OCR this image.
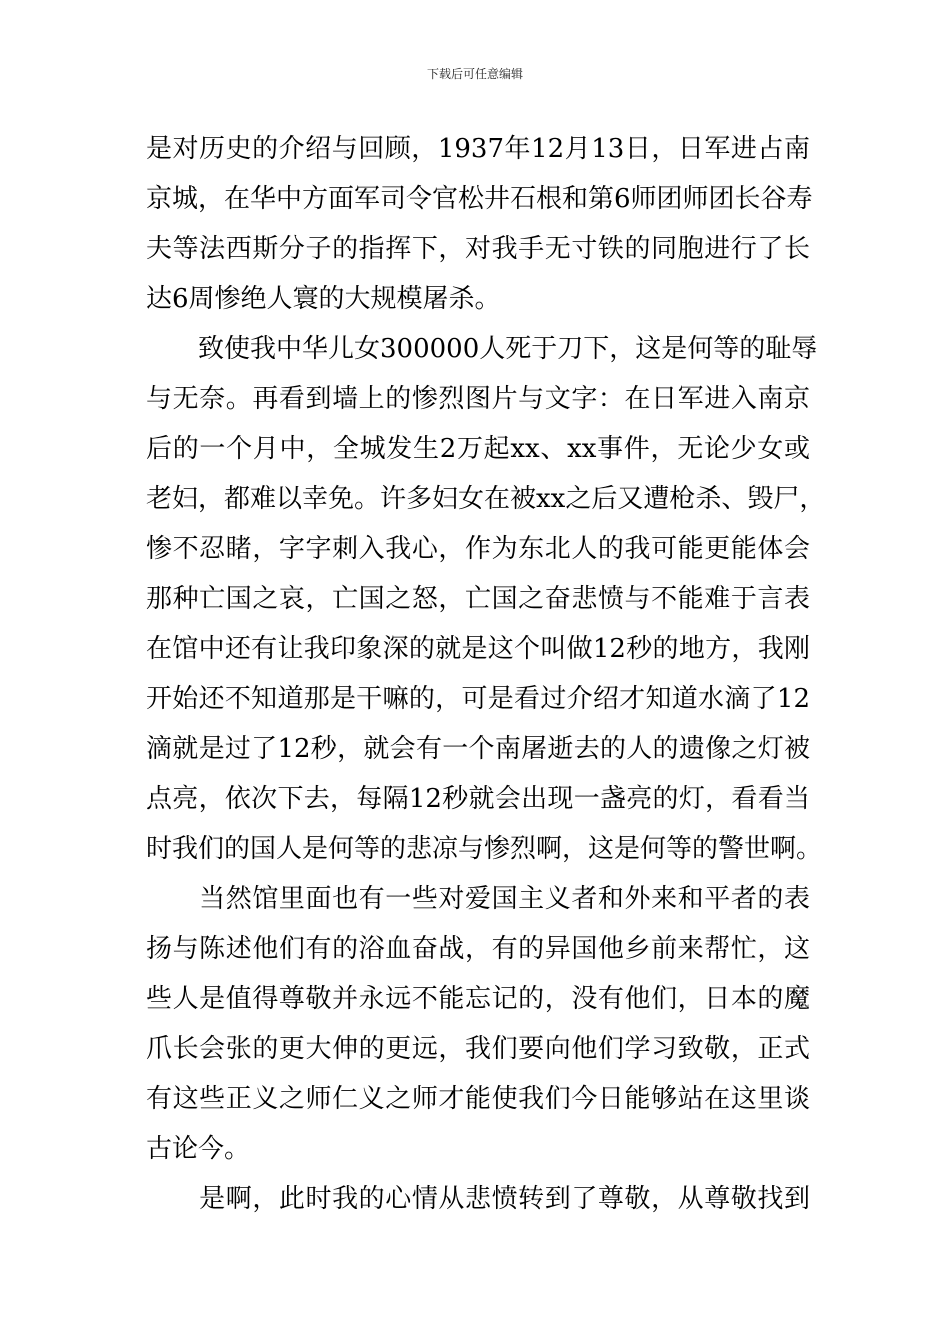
下载后可任意编辑
是对历史的介绍与回顾，1937年12月13日，日军进占南
京城，在华中方面军司令官松井石根和第6师团师团长谷寿
夫等法西斯分子的指挥下，对我手无寸铁的同胞进行了长
达6周惨绝人寰的大规模屠杀。
　　致使我中华儿女300000人死于刀下，这是何等的耻辱
与无奈。再看到墙上的惨烈图片与文字：在日军进入南京
后的一个月中，全城发生2万起xx、xx事件，无论少女或
老妇，都难以幸免。许多妇女在被xx之后又遭枪杀、毁尸，
惨不忍睹，字字刺入我心，作为东北人的我可能更能体会
那种亡国之哀，亡国之怒，亡国之奋悲愤与不能难于言表
在馆中还有让我印象深的就是这个叫做12秒的地方，我刚
开始还不知道那是干嘛的，可是看过介绍才知道水滴了12
滴就是过了12秒，就会有一个南屠逝去的人的遗像之灯被
点亮，依次下去，每隔12秒就会出现一盏亮的灯，看看当
时我们的国人是何等的悲凉与惨烈啊，这是何等的警世啊。
　　当然馆里面也有一些对爱国主义者和外来和平者的表
扬与陈述他们有的浴血奋战，有的异国他乡前来帮忙，这
些人是值得尊敬并永远不能忘记的，没有他们，日本的魔
爪长会张的更大伸的更远，我们要向他们学习致敬，正式
有这些正义之师仁义之师才能使我们今日能够站在这里谈
古论今。
　　是啊，此时我的心情从悲愤转到了尊敬，从尊敬找到
